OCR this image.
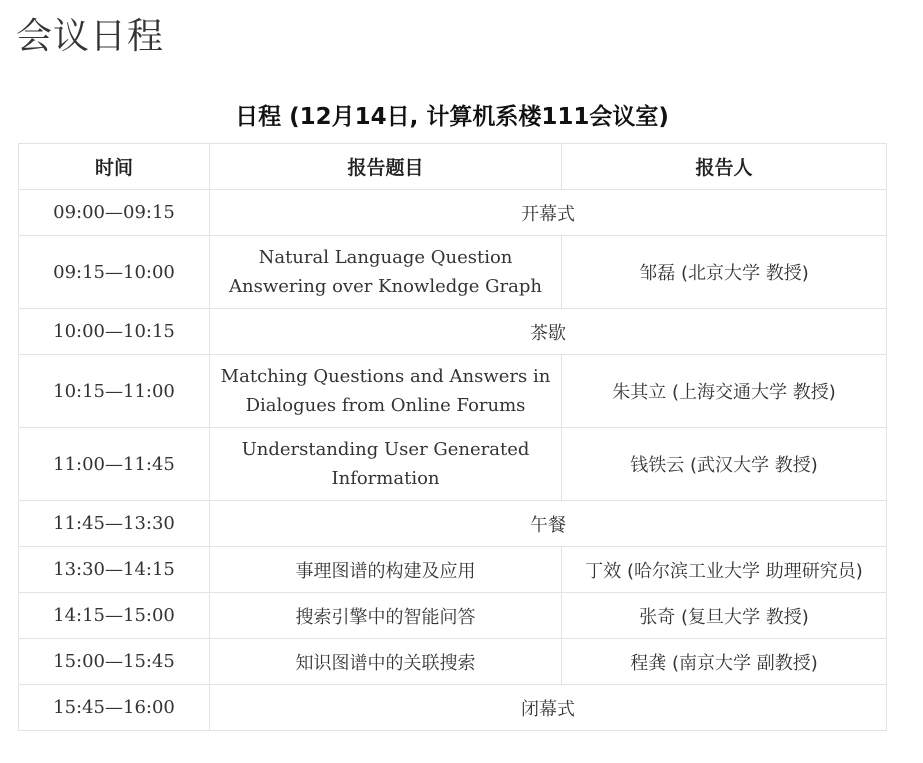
会议日程
日程 (12月14日, 计算机系楼111会议室)
时间	报告题目	报告人
09:00—09:15	开幕式	
09:15—10:00	Natural Language Question Answering over Knowledge Graph	邹磊 (北京大学 教授)
10:00—10:15	茶歇	
10:15—11:00	Matching Questions and Answers in Dialogues from Online Forums	朱其立 (上海交通大学 教授)
11:00—11:45	Understanding User Generated Information	钱铁云 (武汉大学 教授)
11:45—13:30	午餐	
13:30—14:15	事理图谱的构建及应用	丁效 (哈尔滨工业大学 助理研究员)
14:15—15:00	搜索引擎中的智能问答	张奇 (复旦大学 教授)
15:00—15:45	知识图谱中的关联搜索	程龚 (南京大学 副教授)
15:45—16:00	闭幕式	
